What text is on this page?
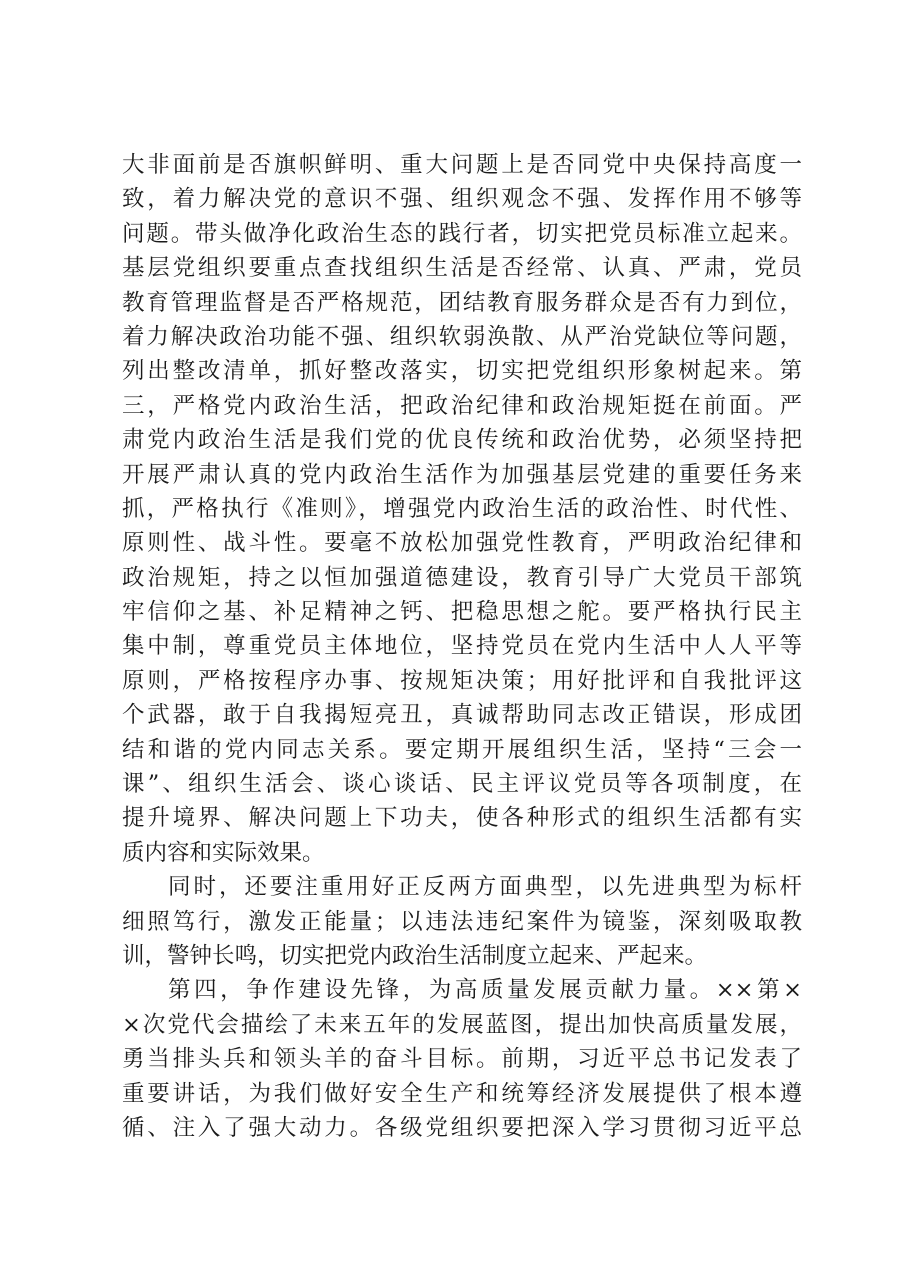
大非面前是否旗帜鲜明、重大问题上是否同党中央保持高度一
致，着力解决党的意识不强、组织观念不强、发挥作用不够等
问题。带头做净化政治生态的践行者，切实把党员标准立起来。
基层党组织要重点查找组织生活是否经常、认真、严肃，党员
教育管理监督是否严格规范，团结教育服务群众是否有力到位，
着力解决政治功能不强、组织软弱涣散、从严治党缺位等问题，
列出整改清单，抓好整改落实，切实把党组织形象树起来。第
三，严格党内政治生活，把政治纪律和政治规矩挺在前面。严
肃党内政治生活是我们党的优良传统和政治优势，必须坚持把
开展严肃认真的党内政治生活作为加强基层党建的重要任务来
抓，严格执行《准则》，增强党内政治生活的政治性、时代性、
原则性、战斗性。要毫不放松加强党性教育，严明政治纪律和
政治规矩，持之以恒加强道德建设，教育引导广大党员干部筑
牢信仰之基、补足精神之钙、把稳思想之舵。要严格执行民主
集中制，尊重党员主体地位，坚持党员在党内生活中人人平等
原则，严格按程序办事、按规矩决策；用好批评和自我批评这
个武器，敢于自我揭短亮丑，真诚帮助同志改正错误，形成团
结和谐的党内同志关系。要定期开展组织生活，坚持“三会一
课”、组织生活会、谈心谈话、民主评议党员等各项制度，在
提升境界、解决问题上下功夫，使各种形式的组织生活都有实
质内容和实际效果。
同时，还要注重用好正反两方面典型，以先进典型为标杆
细照笃行，激发正能量；以违法违纪案件为镜鉴，深刻吸取教
训，警钟长鸣，切实把党内政治生活制度立起来、严起来。
第四，争作建设先锋，为高质量发展贡献力量。××第×
×次党代会描绘了未来五年的发展蓝图，提出加快高质量发展，
勇当排头兵和领头羊的奋斗目标。前期，习近平总书记发表了
重要讲话，为我们做好安全生产和统筹经济发展提供了根本遵
循、注入了强大动力。各级党组织要把深入学习贯彻习近平总
